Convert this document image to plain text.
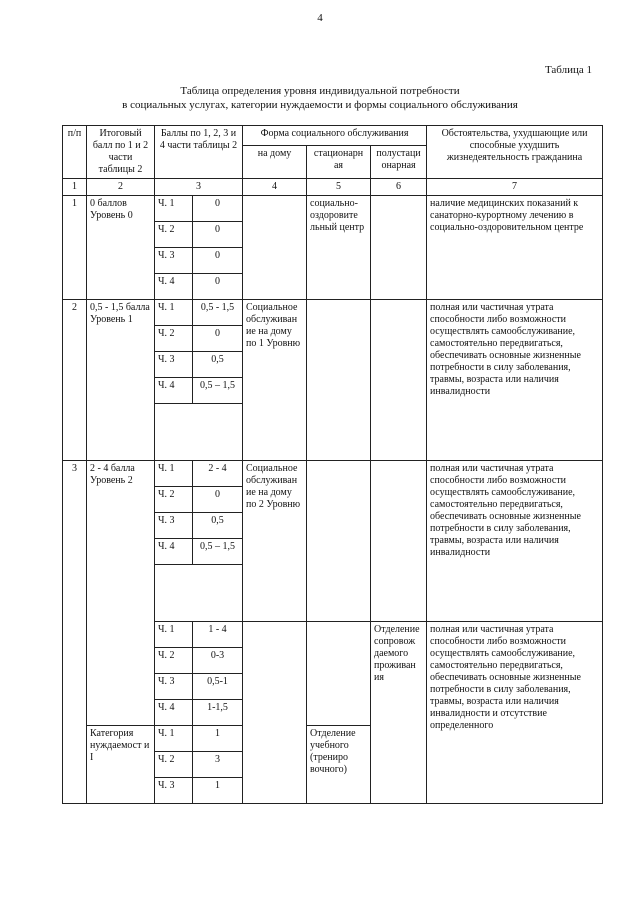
4
Таблица 1
Таблица определения уровня индивидуальной потребности
в социальных услугах, категории нуждаемости и формы социального обслуживания
п/п	Итоговый балл по 1 и 2 части таблицы 2	Баллы по 1, 2, 3 и 4 части таблицы 2		Форма социального обслуживания			Обстоятельства, ухудшающие или способные ухудшить жизнедеятельность гражданина
				на дому	стационарн ая	полустаци онарная	
1	2	3		4	5	6	7
1	0 баллов Уровень 0	Ч. 1	0		социально-оздоровите льный центр		наличие медицинских показаний к санаторно-курортному лечению в социально-оздоровительном центре
		Ч. 2	0				
		Ч. 3	0				
		Ч. 4	0				
2	0,5 - 1,5 балла Уровень 1	Ч. 1	0,5 - 1,5	Социальное обслуживан ие на дому по 1 Уровню			полная или частичная утрата способности либо возможности осуществлять самообслуживание, самостоятельно передвигаться, обеспечивать основные жизненные потребности в силу заболевания, травмы, возраста или наличия инвалидности
		Ч. 2	0				
		Ч. 3	0,5				
		Ч. 4	0,5 – 1,5				

3	2 - 4 балла Уровень 2	Ч. 1	2 - 4	Социальное обслуживан ие на дому по 2 Уровню			полная или частичная утрата способности либо возможности осуществлять самообслуживание, самостоятельно передвигаться, обеспечивать основные жизненные потребности в силу заболевания, травмы, возраста или наличия инвалидности
		Ч. 2	0				
		Ч. 3	0,5				
		Ч. 4	0,5 – 1,5				

		Ч. 1	1 - 4			Отделение сопровож даемого проживан ия	полная или частичная утрата способности либо возможности осуществлять самообслуживание, самостоятельно передвигаться, обеспечивать основные жизненные потребности в силу заболевания, травмы, возраста или наличия инвалидности и отсутствие определенного
		Ч. 2	0-3				
		Ч. 3	0,5-1				
		Ч. 4	1-1,5				
	Категория нуждаемост и I	Ч. 1	1		Отделение учебного (трениро вочного)		
		Ч. 2	3				
		Ч. 3	1				
